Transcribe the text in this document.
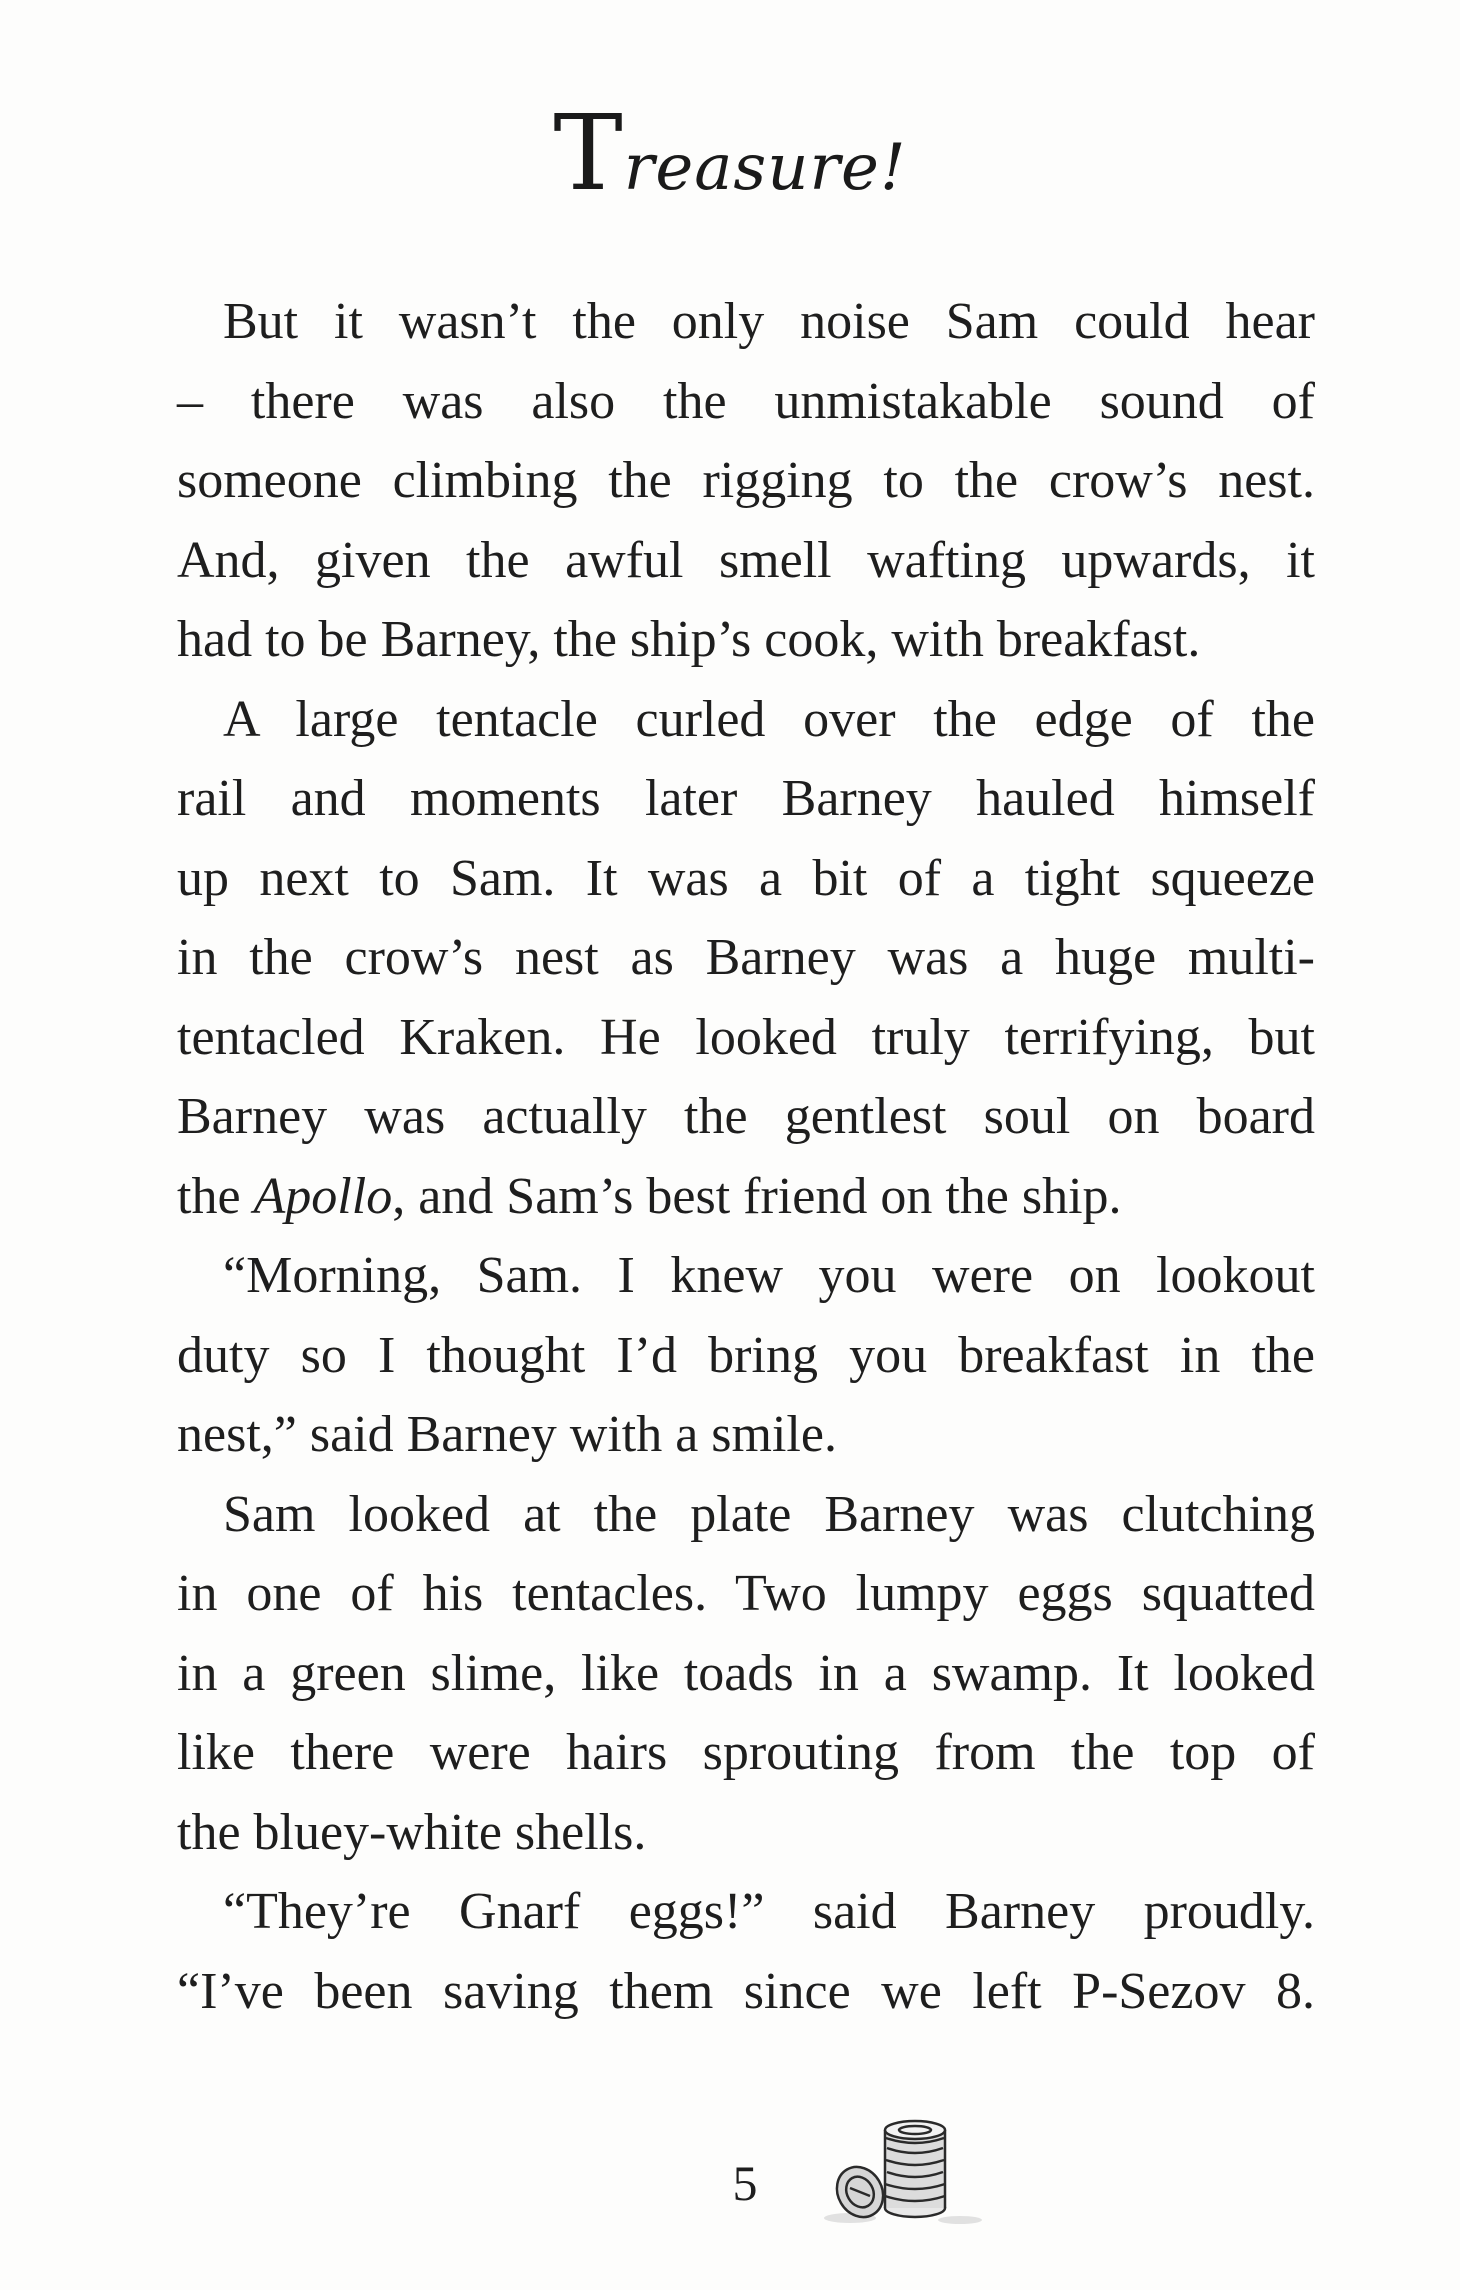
Treasure!
But it wasn’t the only noise Sam could hear
– there was also the unmistakable sound of
someone climbing the rigging to the crow’s nest.
And, given the awful smell wafting upwards, it
had to be Barney, the ship’s cook, with breakfast.
A large tentacle curled over the edge of the
rail and moments later Barney hauled himself
up next to Sam. It was a bit of a tight squeeze
in the crow’s nest as Barney was a huge multi-
tentacled Kraken. He looked truly terrifying, but
Barney was actually the gentlest soul on board
the Apollo, and Sam’s best friend on the ship.
“Morning, Sam. I knew you were on lookout
duty so I thought I’d bring you breakfast in the
nest,” said Barney with a smile.
Sam looked at the plate Barney was clutching
in one of his tentacles. Two lumpy eggs squatted
in a green slime, like toads in a swamp. It looked
like there were hairs sprouting from the top of
the bluey-white shells.
“They’re Gnarf eggs!” said Barney proudly.
“I’ve been saving them since we left P-Sezov 8.
5
